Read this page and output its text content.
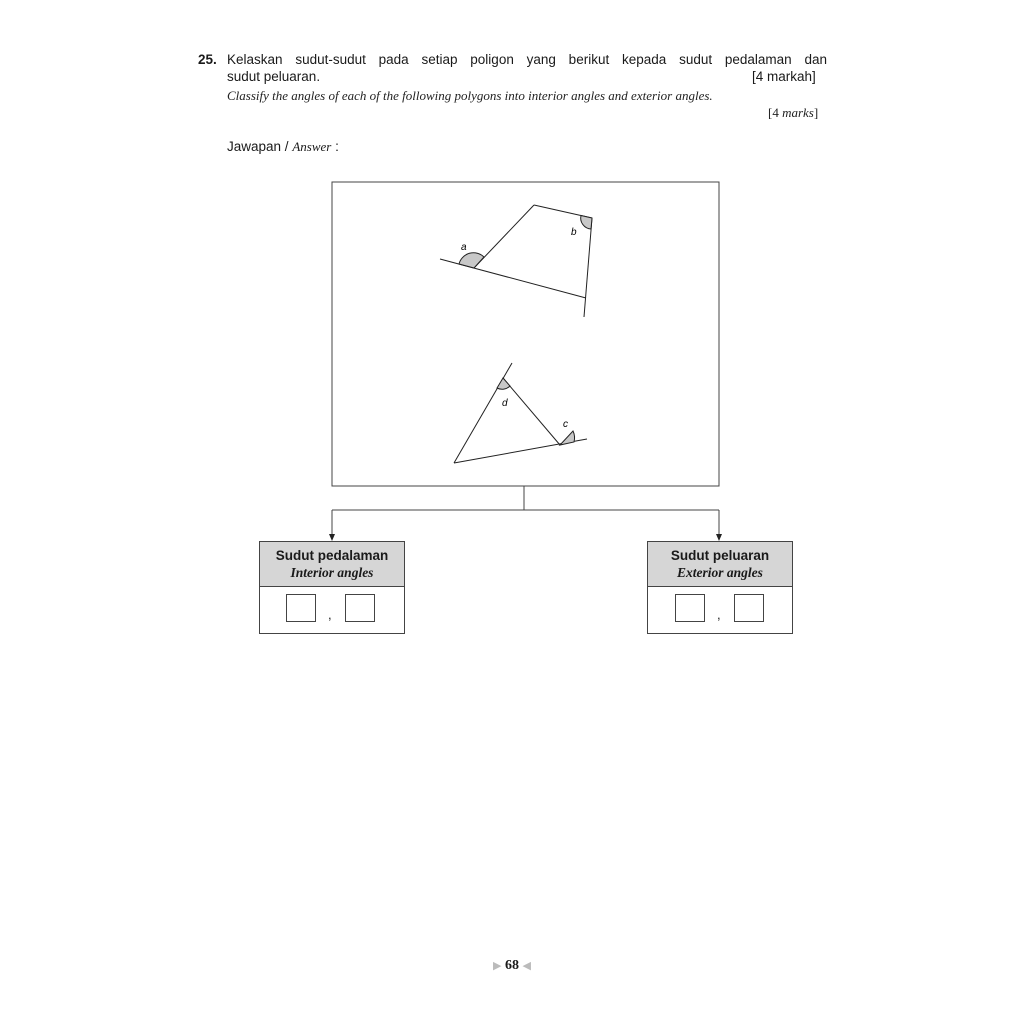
25. Kelaskan sudut-sudut pada setiap poligon yang berikut kepada sudut pedalaman dan
sudut peluaran.	[4 markah]
Classify the angles of each of the following polygons into interior angles and exterior angles.
[4 marks]
Jawapan / Answer :
a
b
d
c
Sudut pedalaman
Interior angles
,
Sudut peluaran
Exterior angles
,
▶ 68 ◀
